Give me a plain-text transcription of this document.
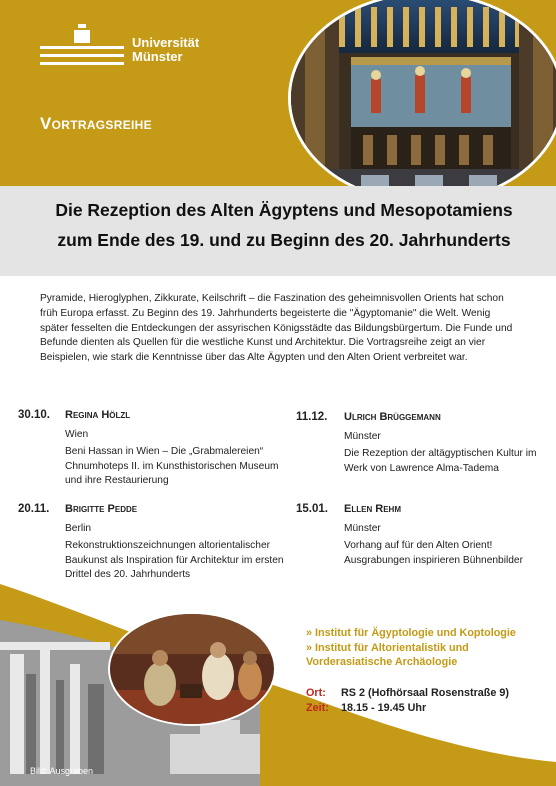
Universität
Münster
Vortragsreihe
Die Rezeption des Alten Ägyptens und Mesopotamiens
zum Ende des 19. und zu Beginn des 20. Jahrhunderts
Pyramide, Hieroglyphen, Zikkurate, Keilschrift – die Faszination des geheimnisvollen Orients hat schon früh Europa erfasst. Zu Beginn des 19. Jahrhunderts begeisterte die "Ägyptomanie" die Welt. Wenig später fesselten die Entdeckungen der assyrischen Königsstädte das Bildungsbürgertum. Die Funde und Befunde dienten als Quellen für die westliche Kunst und Architektur. Die Vortragsreihe zeigt an vier Beispielen, wie stark die Kenntnisse über das Alte Ägypten und den Alten Orient verbreitet war.
30.10. Regina Hölzl
Wien
Beni Hassan in Wien – Die „Grabmalereien“ Chnumhoteps II. im Kunsthistorischen Museum und ihre Restaurierung
11.12. Ulrich Brüggemann
Münster
Die Rezeption der altägyptischen Kultur im Werk von Lawrence Alma-Tadema
20.11. Brigitte Pedde
Berlin
Rekonstruktionszeichnungen altorientalischer Baukunst als Inspiration für Architektur im ersten Drittel des 20. Jahrhunderts
15.01. Ellen Rehm
Münster
Vorhang auf für den Alten Orient! Ausgrabungen inspirieren Bühnenbilder
» Institut für Ägyptologie und Koptologie
» Institut für Altorientalistik und
Vorderasiatische Archäologie
Ort: RS 2 (Hofhörsaal Rosenstraße 9)
Zeit: 18.15 - 19.45 Uhr
Bild: Ausgraben
